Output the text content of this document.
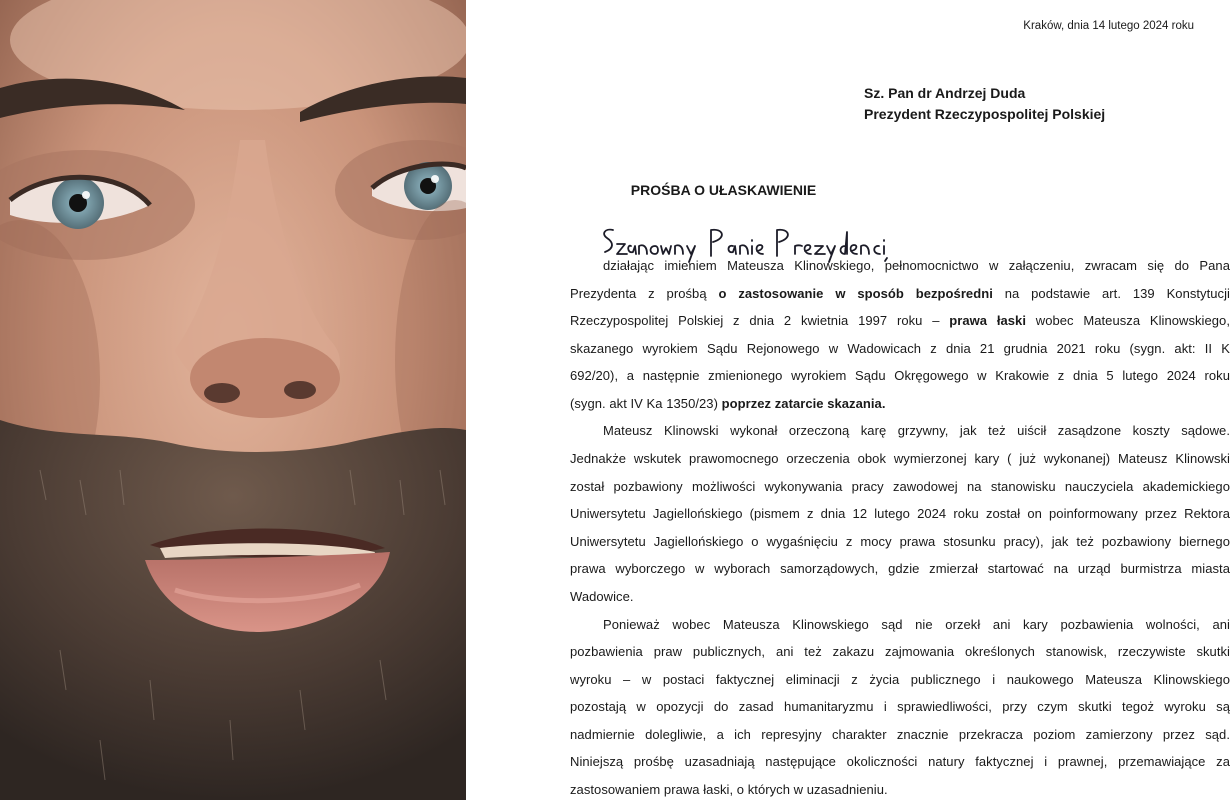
Kraków, dnia 14 lutego 2024 roku
Sz. Pan dr Andrzej Duda
Prezydent Rzeczypospolitej Polskiej
PROŚBA O UŁASKAWIENIE
działając imieniem Mateusza Klinowskiego, pełnomocnictwo w załączeniu, zwracam się do Pana
Prezydenta z prośbą o zastosowanie w sposób bezpośredni na podstawie art. 139 Konstytucji
Rzeczypospolitej Polskiej z dnia 2 kwietnia 1997 roku – prawa łaski wobec Mateusza Klinowskiego,
skazanego wyrokiem Sądu Rejonowego w Wadowicach z dnia 21 grudnia 2021 roku (sygn. akt: II K
692/20), a następnie zmienionego wyrokiem Sądu Okręgowego w Krakowie z dnia 5 lutego 2024 roku
(sygn. akt IV Ka 1350/23) poprzez zatarcie skazania.
Mateusz Klinowski wykonał orzeczoną karę grzywny, jak też uiścił zasądzone koszty sądowe.
Jednakże wskutek prawomocnego orzeczenia obok wymierzonej kary ( już wykonanej) Mateusz Klinowski
został pozbawiony możliwości wykonywania pracy zawodowej na stanowisku nauczyciela akademickiego
Uniwersytetu Jagiellońskiego (pismem z dnia 12 lutego 2024 roku został on poinformowany przez Rektora
Uniwersytetu Jagiellońskiego o wygaśnięciu z mocy prawa stosunku pracy), jak też pozbawiony biernego
prawa wyborczego w wyborach samorządowych, gdzie zmierzał startować na urząd burmistrza miasta
Wadowice.
Ponieważ wobec Mateusza Klinowskiego sąd nie orzekł ani kary pozbawienia wolności, ani
pozbawienia praw publicznych, ani też zakazu zajmowania określonych stanowisk, rzeczywiste skutki
wyroku – w postaci faktycznej eliminacji z życia publicznego i naukowego Mateusza Klinowskiego
pozostają w opozycji do zasad humanitaryzmu i sprawiedliwości, przy czym skutki tegoż wyroku są
nadmiernie dolegliwie, a ich represyjny charakter znacznie przekracza poziom zamierzony przez sąd.
Niniejszą prośbę uzasadniają następujące okoliczności natury faktycznej i prawnej, przemawiające za
zastosowaniem prawa łaski, o których w uzasadnieniu.
